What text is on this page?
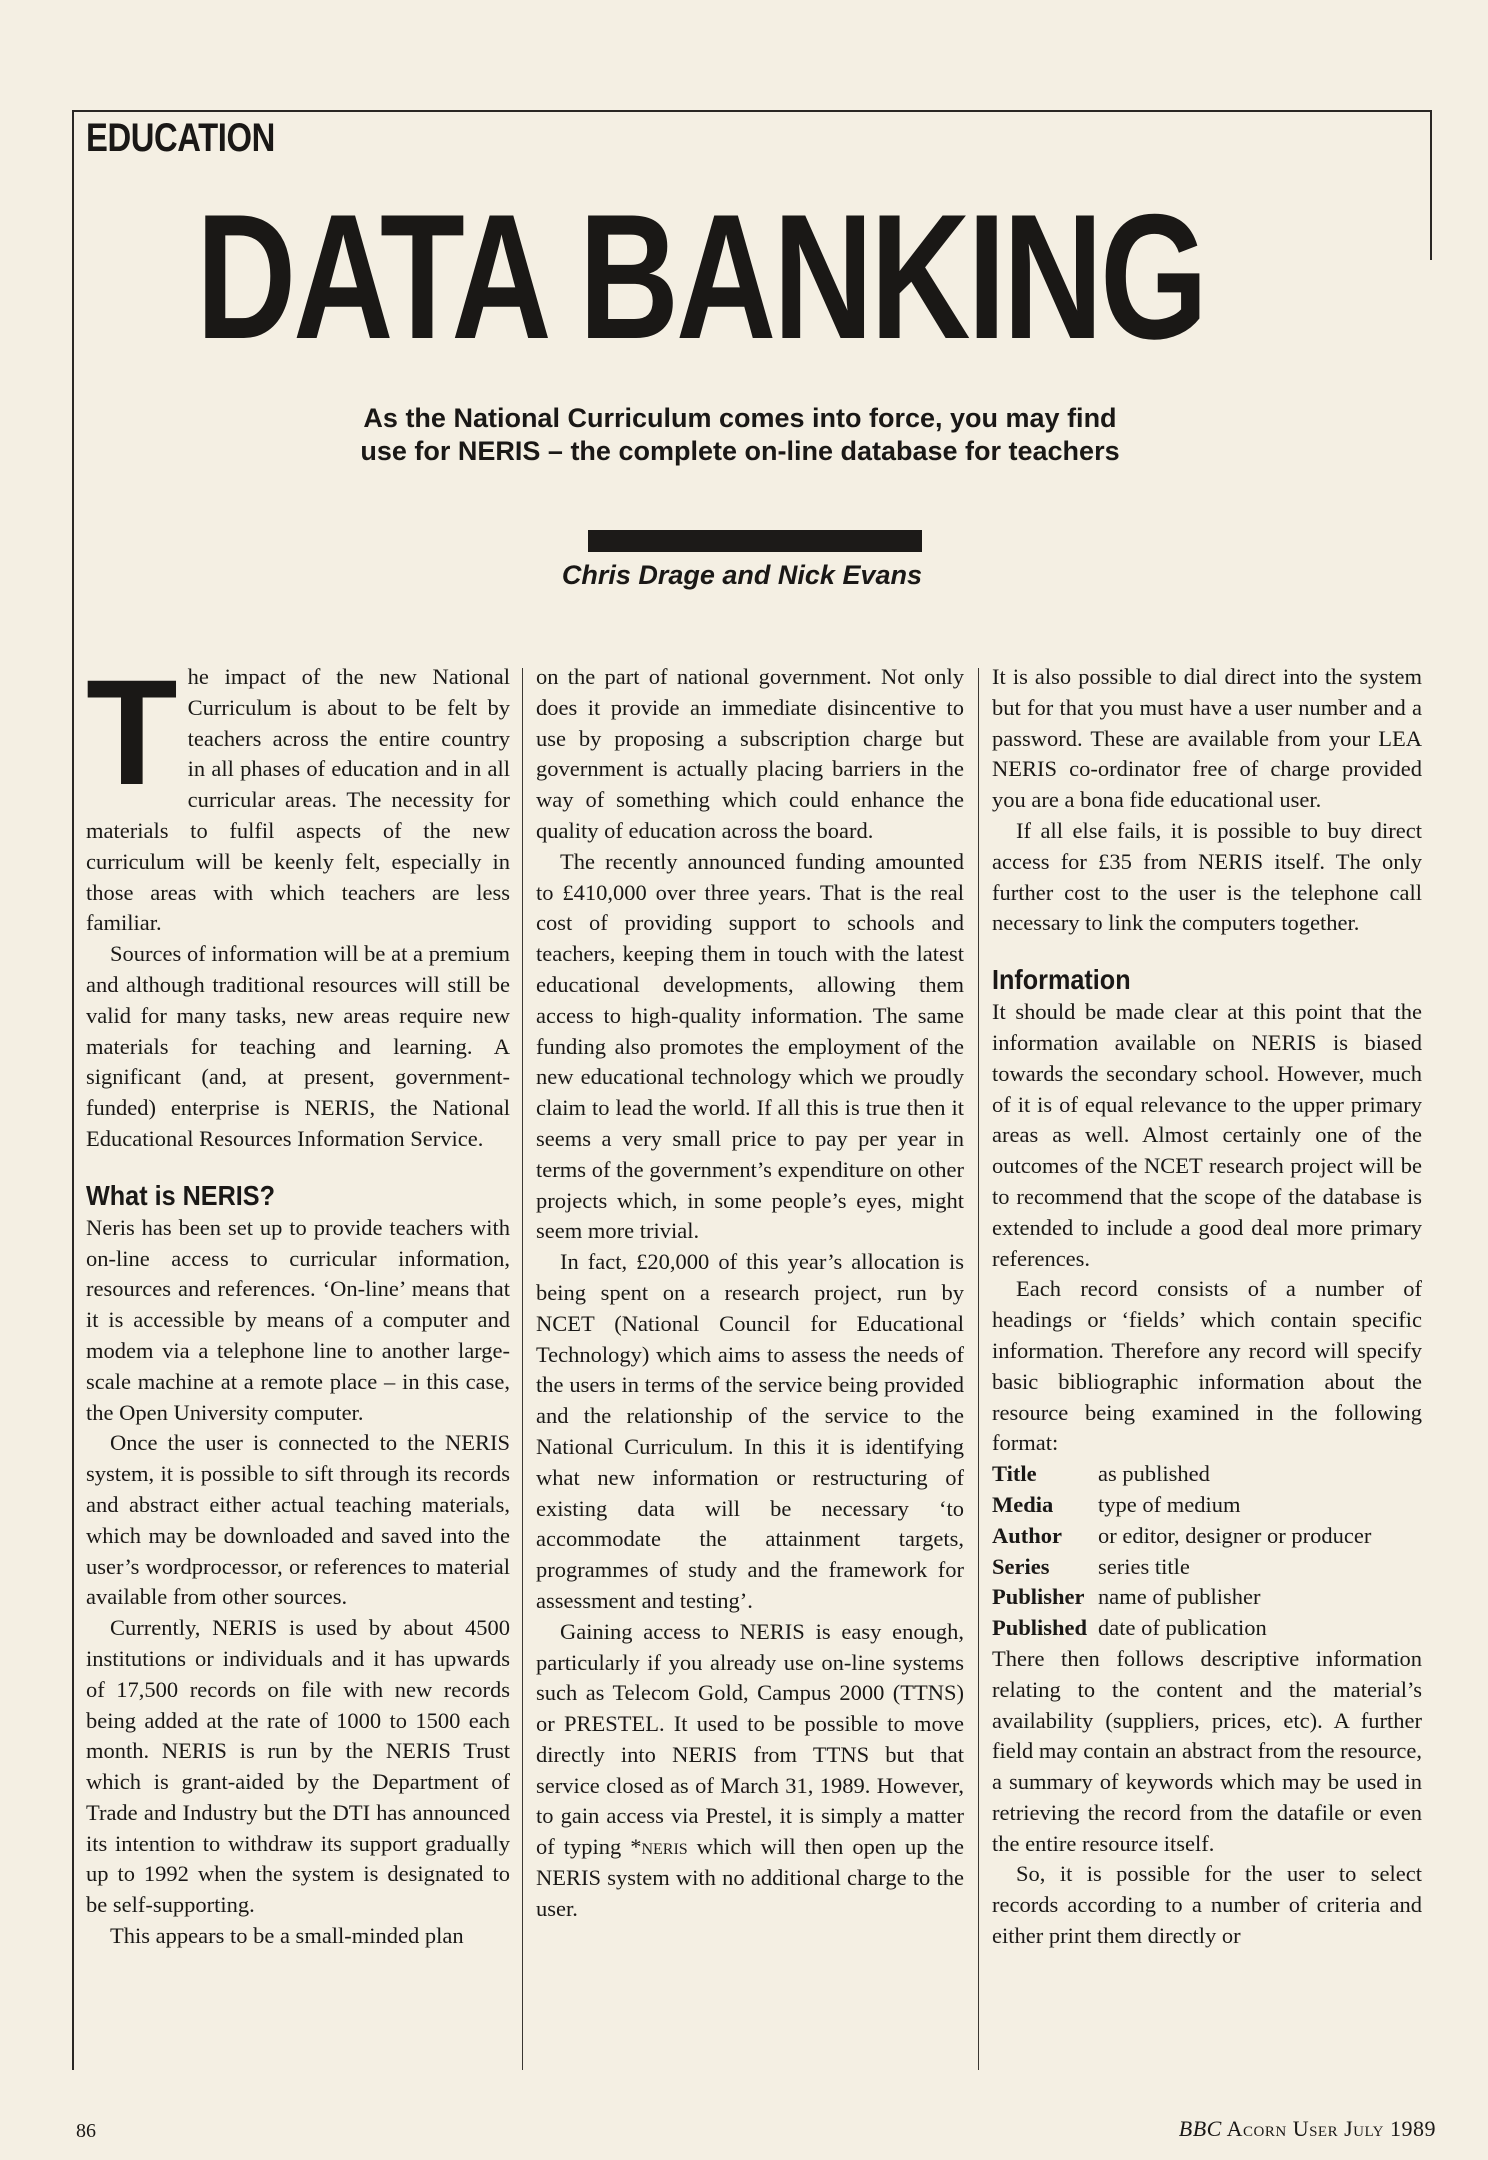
EDUCATION
DATA BANKING
As the National Curriculum comes into force, you may find
use for NERIS – the complete on-line database for teachers
Chris Drage and Nick Evans

The impact of the new National Curriculum is about to be felt by teachers across the entire country in all phases of education and in all curricular areas. The necessity for materials to fulfil aspects of the new curriculum will be keenly felt, especially in those areas with which teachers are less familiar.

Sources of information will be at a premium and although traditional resources will still be valid for many tasks, new areas require new materials for teaching and learning. A significant (and, at present, government-funded) enterprise is NERIS, the National Educational Resources Information Service.

What is NERIS?

Neris has been set up to provide teachers with on-line access to curricular information, resources and references. ‘On-line’ means that it is accessible by means of a computer and modem via a telephone line to another large-scale machine at a remote place – in this case, the Open University computer.

Once the user is connected to the NERIS system, it is possible to sift through its records and abstract either actual teaching materials, which may be downloaded and saved into the user’s wordprocessor, or references to material available from other sources.

Currently, NERIS is used by about 4500 institutions or individuals and it has upwards of 17,500 records on file with new records being added at the rate of 1000 to 1500 each month. NERIS is run by the NERIS Trust which is grant-aided by the Department of Trade and Industry but the DTI has announced its intention to withdraw its support gradually up to 1992 when the system is designated to be self-supporting.

This appears to be a small-minded plan

on the part of national government. Not only does it provide an immediate disincentive to use by proposing a subscription charge but government is actually placing barriers in the way of something which could enhance the quality of education across the board.

The recently announced funding amounted to £410,000 over three years. That is the real cost of providing support to schools and teachers, keeping them in touch with the latest educational developments, allowing them access to high-quality information. The same funding also promotes the employment of the new educational technology which we proudly claim to lead the world. If all this is true then it seems a very small price to pay per year in terms of the government’s expenditure on other projects which, in some people’s eyes, might seem more trivial.

In fact, £20,000 of this year’s allocation is being spent on a research project, run by NCET (National Council for Educational Technology) which aims to assess the needs of the users in terms of the service being provided and the relationship of the service to the National Curriculum. In this it is identifying what new information or restructuring of existing data will be necessary ‘to accommodate the attainment targets, programmes of study and the framework for assessment and testing’.

Gaining access to NERIS is easy enough, particularly if you already use on-line systems such as Telecom Gold, Campus 2000 (TTNS) or PRESTEL. It used to be possible to move directly into NERIS from TTNS but that service closed as of March 31, 1989. However, to gain access via Prestel, it is simply a matter of typing *neris which will then open up the NERIS system with no additional charge to the user.

It is also possible to dial direct into the system but for that you must have a user number and a password. These are available from your LEA NERIS co-ordinator free of charge provided you are a bona fide educational user.

If all else fails, it is possible to buy direct access for £35 from NERIS itself. The only further cost to the user is the telephone call necessary to link the computers together.

Information

It should be made clear at this point that the information available on NERIS is biased towards the secondary school. However, much of it is of equal relevance to the upper primary areas as well. Almost certainly one of the outcomes of the NCET research project will be to recommend that the scope of the database is extended to include a good deal more primary references.

Each record consists of a number of headings or ‘fields’ which contain specific information. Therefore any record will specify basic bibliographic information about the resource being examined in the following format:

Title	as published
Media	type of medium
Author	or editor, designer or producer
Series	series title
Publisher name of publisher
Published date of publication

There then follows descriptive information relating to the content and the material’s availability (suppliers, prices, etc). A further field may contain an abstract from the resource, a summary of keywords which may be used in retrieving the record from the datafile or even the entire resource itself.

So, it is possible for the user to select records according to a number of criteria and either print them directly or

86	BBC Acorn User July 1989
